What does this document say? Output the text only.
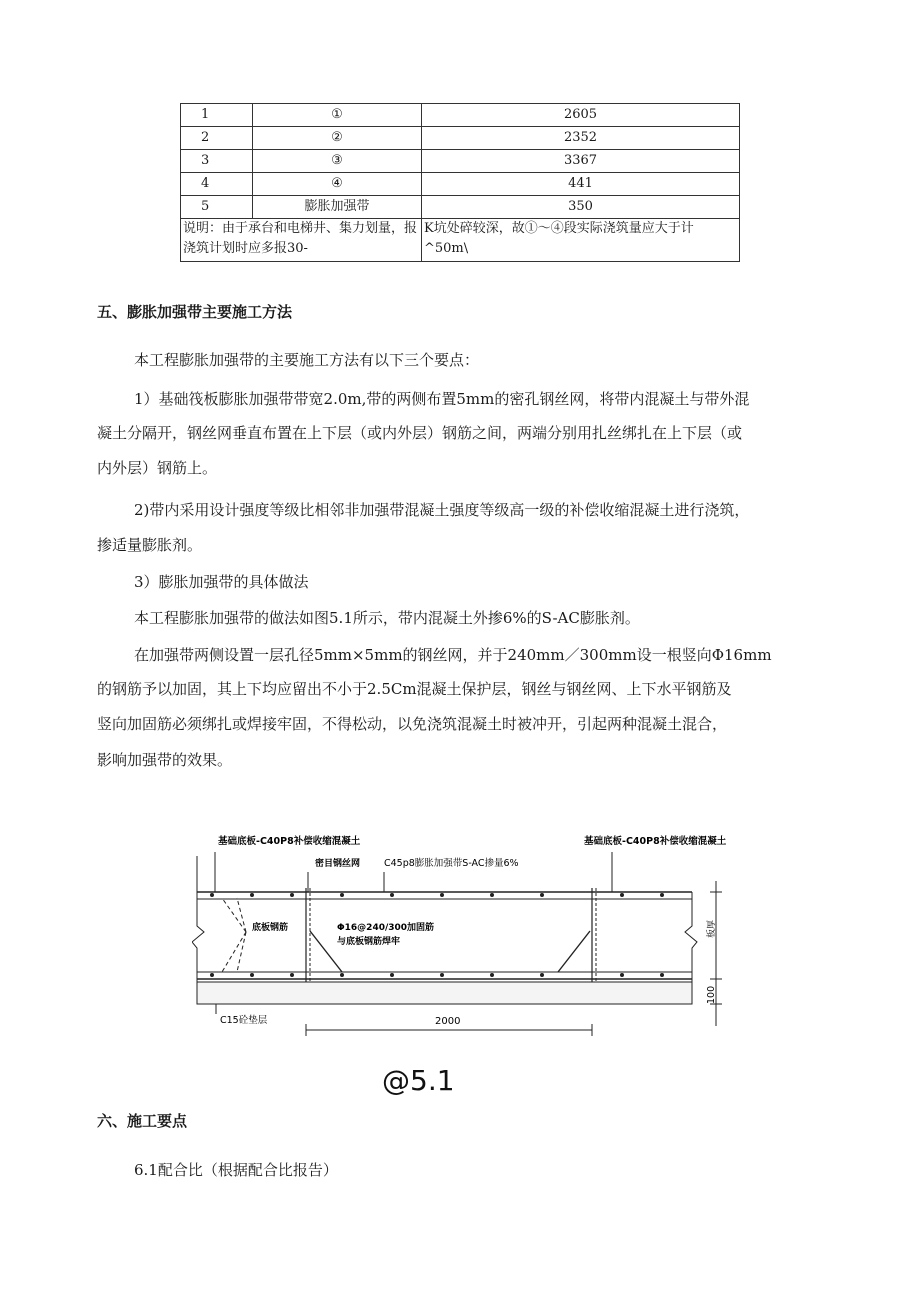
1	①	2605
2	②	2352
3	③	3367
4	④	441
5	膨胀加强带	350
说明：由于承台和电梯井、集力划量，报浇筑计划时应多报30-		K坑处碎较深，故①～④段实际浇筑量应大于计^50m\
五、膨胀加强带主要施工方法
本工程膨胀加强带的主要施工方法有以下三个要点：
1）基础筏板膨胀加强带带宽2.0m,带的两侧布置5mm的密孔钢丝网，将带内混凝土与带外混
凝土分隔开，钢丝网垂直布置在上下层（或内外层）钢筋之间，两端分别用扎丝绑扎在上下层（或
内外层）钢筋上。
2)带内采用设计强度等级比相邻非加强带混凝土强度等级高一级的补偿收缩混凝土进行浇筑，
掺适量膨胀剂。
3）膨胀加强带的具体做法
本工程膨胀加强带的做法如图5.1所示，带内混凝土外掺6%的S-AC膨胀剂。
在加强带两侧设置一层孔径5mm×5mm的钢丝网，并于240mm／300mm设一根竖向Φ16mm
的钢筋予以加固，其上下均应留出不小于2.5Cm混凝土保护层，钢丝与钢丝网、上下水平钢筋及
竖向加固筋必须绑扎或焊接牢固，不得松动，以免浇筑混凝土时被冲开，引起两种混凝土混合，
影响加强带的效果。
基础底板-C40P8补偿收缩混凝土	基础底板-C40P8补偿收缩混凝土
密目钢丝网	C45p8膨胀加强带S-AC掺量6%
底板钢筋	Φ16@240/300加固筋
与底板钢筋焊牢
C15砼垫层
板厚
100
2000
@5.1
六、施工要点
6.1配合比（根据配合比报告）
